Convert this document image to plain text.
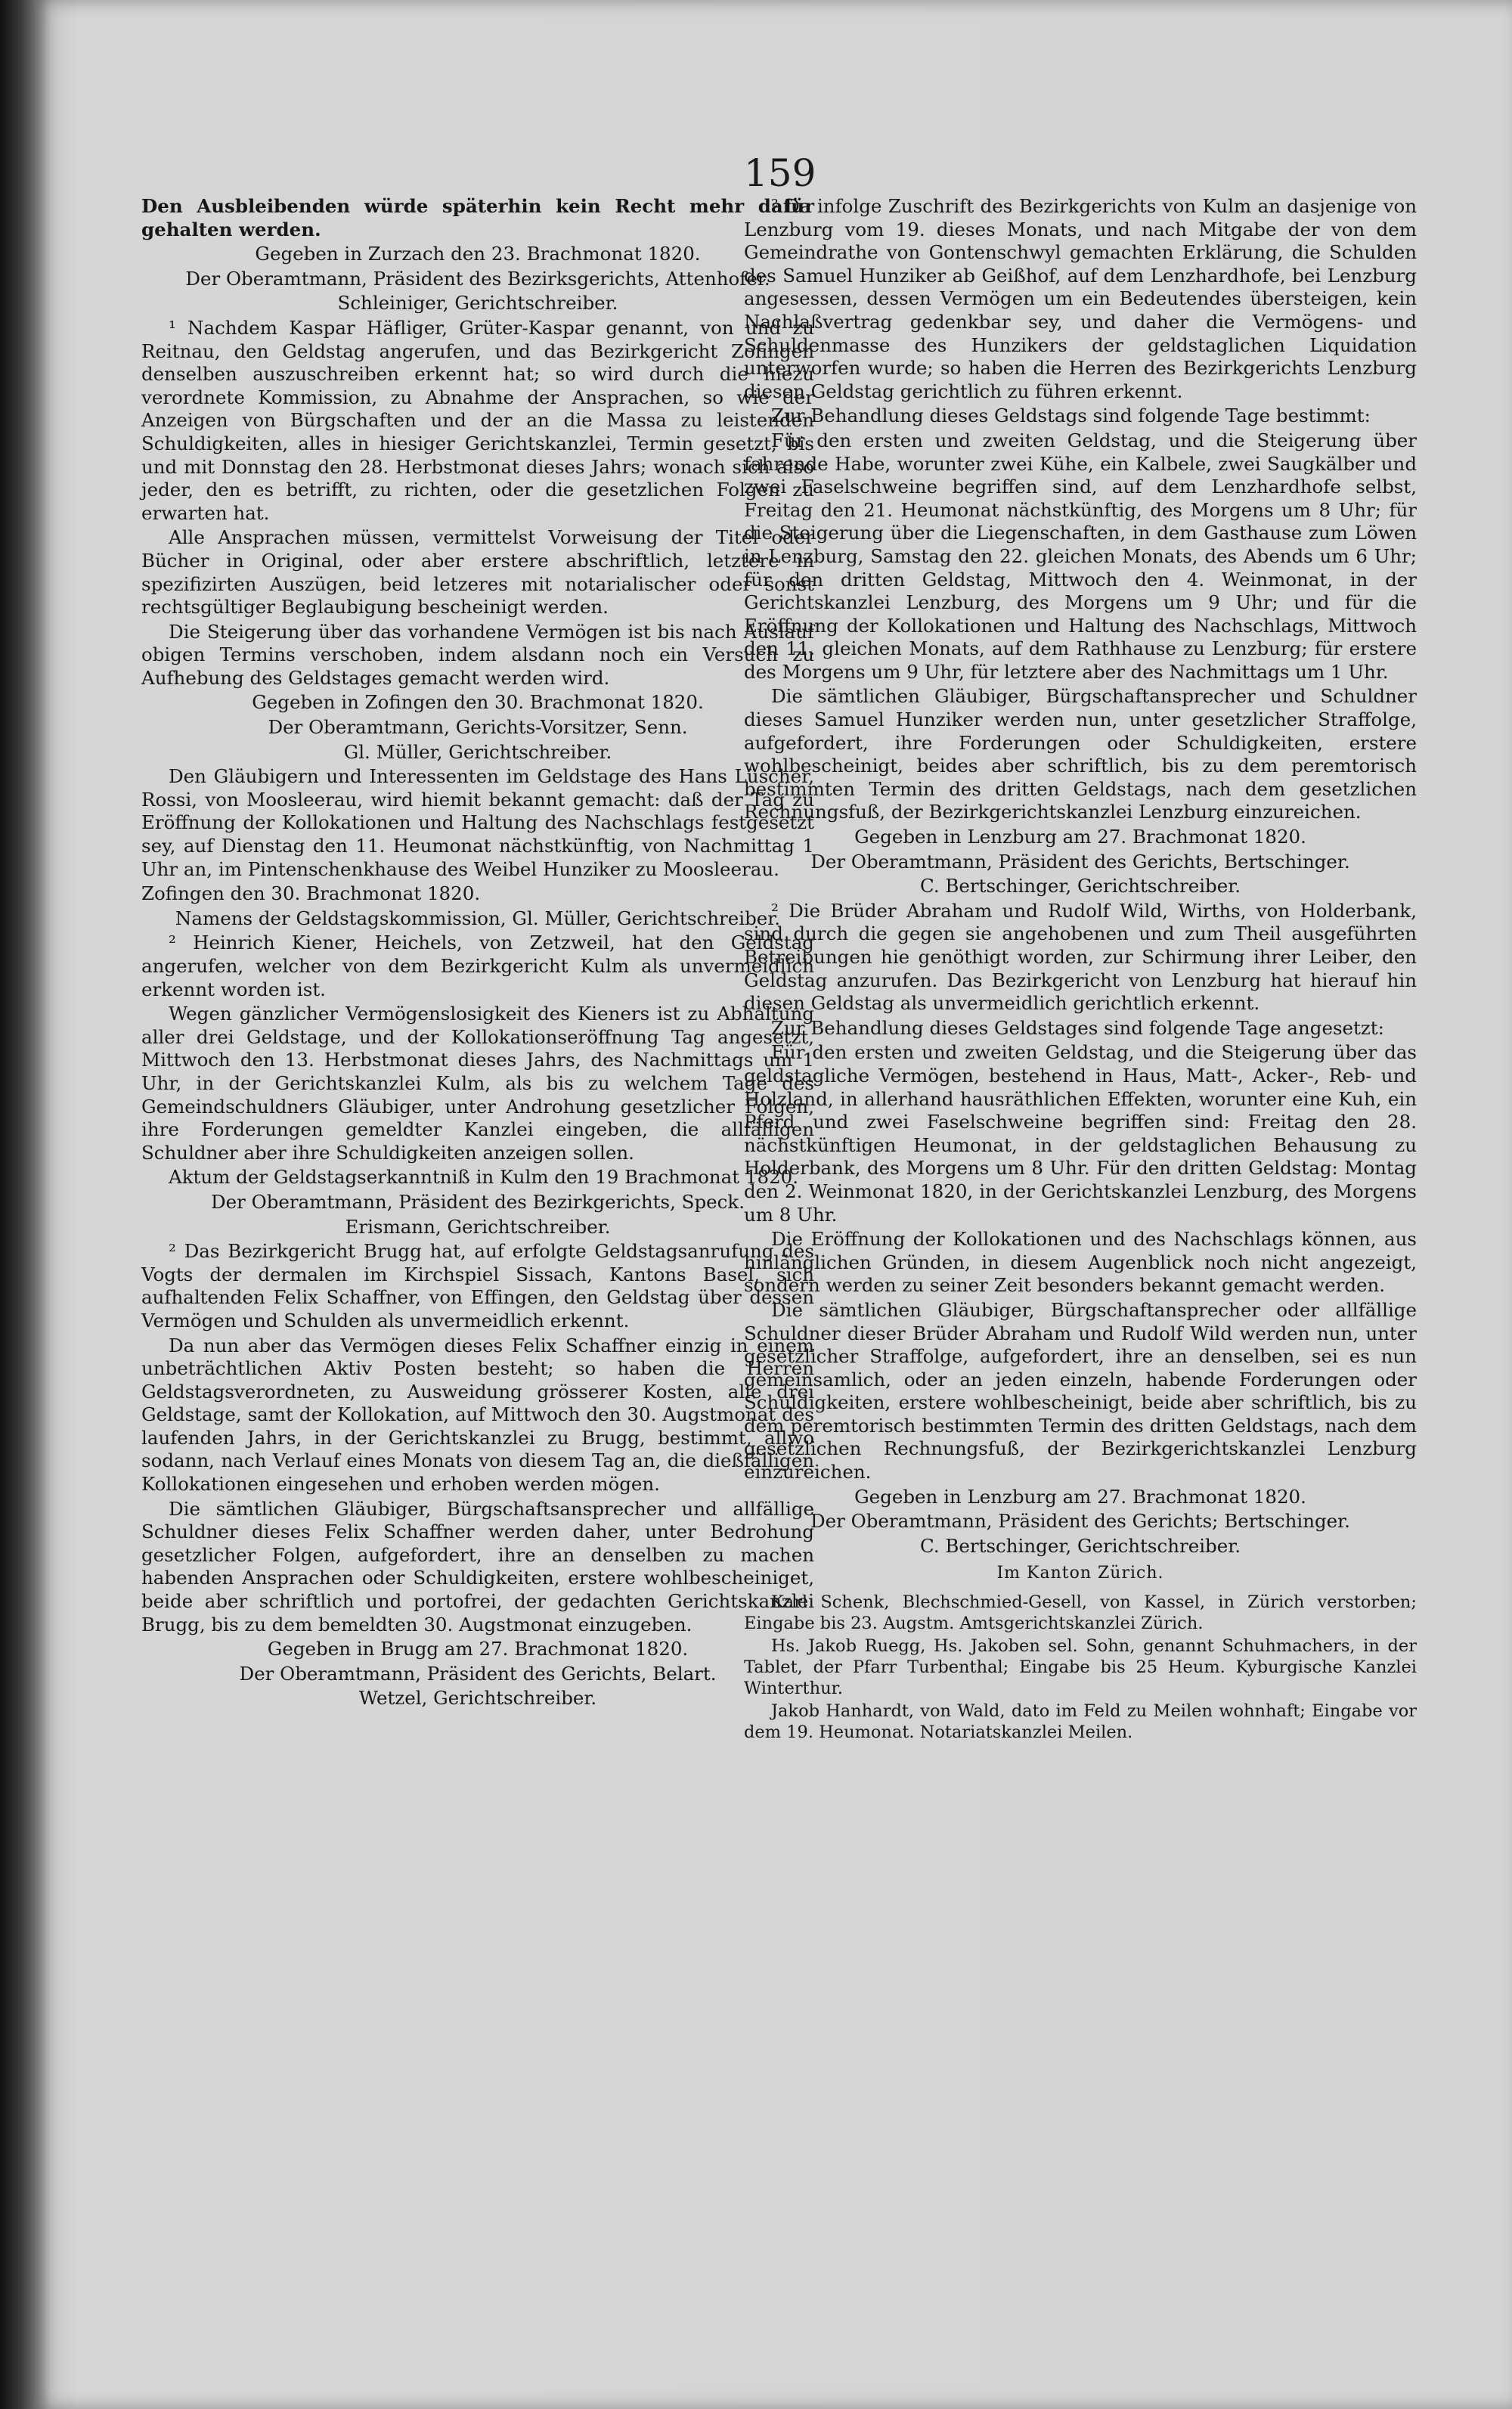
159

Den Ausbleibenden würde späterhin kein Recht mehr dafür gehalten werden.

Gegeben in Zurzach den 23. Brachmonat 1820.

Der Oberamtmann, Präsident des Bezirksgerichts, Attenhofer.

Schleiniger, Gerichtschreiber.

¹ Nachdem Kaspar Häfliger, Grüter-Kaspar genannt, von und zu Reitnau, den Geldstag angerufen, und das Bezirkgericht Zofingen denselben auszuschreiben erkennt hat; so wird durch die hiezu verordnete Kommission, zu Abnahme der Ansprachen, so wie der Anzeigen von Bürgschaften und der an die Massa zu leistenden Schuldigkeiten, alles in hiesiger Gerichtskanzlei, Termin gesetzt, bis und mit Donnstag den 28. Herbstmonat dieses Jahrs; wonach sich also jeder, den es betrifft, zu richten, oder die gesetzlichen Folgen zu erwarten hat.

Alle Ansprachen müssen, vermittelst Vorweisung der Titel oder Bücher in Original, oder aber erstere abschriftlich, letztere in spezifizirten Auszügen, beid letzeres mit notarialischer oder sonst rechtsgültiger Beglaubigung bescheinigt werden.

Die Steigerung über das vorhandene Vermögen ist bis nach Auslauf obigen Termins verschoben, indem alsdann noch ein Versuch zu Aufhebung des Geldstages gemacht werden wird.

Gegeben in Zofingen den 30. Brachmonat 1820.

Der Oberamtmann, Gerichts-Vorsitzer, Senn.

Gl. Müller, Gerichtschreiber.

Den Gläubigern und Interessenten im Geldstage des Hans Lüscher, Rossi, von Moosleerau, wird hiemit bekannt gemacht: daß der Tag zu Eröffnung der Kollokationen und Haltung des Nachschlags festgesetzt sey, auf Dienstag den 11. Heumonat nächstkünftig, von Nachmittag 1 Uhr an, im Pintenschenkhause des Weibel Hunziker zu Moosleerau.

Zofingen den 30. Brachmonat 1820.

Namens der Geldstagskommission, Gl. Müller, Gerichtschreiber.

² Heinrich Kiener, Heichels, von Zetzweil, hat den Geldstag angerufen, welcher von dem Bezirkgericht Kulm als unvermeidlich erkennt worden ist.

Wegen gänzlicher Vermögenslosigkeit des Kieners ist zu Abhaltung aller drei Geldstage, und der Kollokationseröffnung Tag angesetzt, Mittwoch den 13. Herbstmonat dieses Jahrs, des Nachmittags um 1 Uhr, in der Gerichtskanzlei Kulm, als bis zu welchem Tage des Gemeindschuldners Gläubiger, unter Androhung gesetzlicher Folgen, ihre Forderungen gemeldter Kanzlei eingeben, die allfälligen Schuldner aber ihre Schuldigkeiten anzeigen sollen.

Aktum der Geldstagserkanntniß in Kulm den 19 Brachmonat 1820.

Der Oberamtmann, Präsident des Bezirkgerichts, Speck.

Erismann, Gerichtschreiber.

² Das Bezirkgericht Brugg hat, auf erfolgte Geldstagsanrufung des Vogts der dermalen im Kirchspiel Sissach, Kantons Basel, sich aufhaltenden Felix Schaffner, von Effingen, den Geldstag über dessen Vermögen und Schulden als unvermeidlich erkennt.

Da nun aber das Vermögen dieses Felix Schaffner einzig in einem unbeträchtlichen Aktiv Posten besteht; so haben die Herren Geldstagsverordneten, zu Ausweidung grösserer Kosten, alle drei Geldstage, samt der Kollokation, auf Mittwoch den 30. Augstmonat des laufenden Jahrs, in der Gerichtskanzlei zu Brugg, bestimmt, allwo sodann, nach Verlauf eines Monats von diesem Tag an, die dießfälligen Kollokationen eingesehen und erhoben werden mögen.

Die sämtlichen Gläubiger, Bürgschaftsansprecher und allfällige Schuldner dieses Felix Schaffner werden daher, unter Bedrohung gesetzlicher Folgen, aufgefordert, ihre an denselben zu machen habenden Ansprachen oder Schuldigkeiten, erstere wohlbescheiniget, beide aber schriftlich und portofrei, der gedachten Gerichtskanzlei Brugg, bis zu dem bemeldten 30. Augstmonat einzugeben.

Gegeben in Brugg am 27. Brachmonat 1820.

Der Oberamtmann, Präsident des Gerichts, Belart.

Wetzel, Gerichtschreiber.

² Da infolge Zuschrift des Bezirkgerichts von Kulm an dasjenige von Lenzburg vom 19. dieses Monats, und nach Mitgabe der von dem Gemeindrathe von Gontenschwyl gemachten Erklärung, die Schulden des Samuel Hunziker ab Geißhof, auf dem Lenzhardhofe, bei Lenzburg angesessen, dessen Vermögen um ein Bedeutendes übersteigen, kein Nachlaßvertrag gedenkbar sey, und daher die Vermögens- und Schuldenmasse des Hunzikers der geldstaglichen Liquidation unterworfen wurde; so haben die Herren des Bezirkgerichts Lenzburg diesen Geldstag gerichtlich zu führen erkennt.

Zur Behandlung dieses Geldstags sind folgende Tage bestimmt:

Für den ersten und zweiten Geldstag, und die Steigerung über fahrende Habe, worunter zwei Kühe, ein Kalbele, zwei Saugkälber und zwei Faselschweine begriffen sind, auf dem Lenzhardhofe selbst, Freitag den 21. Heumonat nächstkünftig, des Morgens um 8 Uhr; für die Steigerung über die Liegenschaften, in dem Gasthause zum Löwen in Lenzburg, Samstag den 22. gleichen Monats, des Abends um 6 Uhr; für den dritten Geldstag, Mittwoch den 4. Weinmonat, in der Gerichtskanzlei Lenzburg, des Morgens um 9 Uhr; und für die Eröffnung der Kollokationen und Haltung des Nachschlags, Mittwoch den 11. gleichen Monats, auf dem Rathhause zu Lenzburg; für erstere des Morgens um 9 Uhr, für letztere aber des Nachmittags um 1 Uhr.

Die sämtlichen Gläubiger, Bürgschaftansprecher und Schuldner dieses Samuel Hunziker werden nun, unter gesetzlicher Straffolge, aufgefordert, ihre Forderungen oder Schuldigkeiten, erstere wohlbescheinigt, beides aber schriftlich, bis zu dem peremtorisch bestimmten Termin des dritten Geldstags, nach dem gesetzlichen Rechnungsfuß, der Bezirkgerichtskanzlei Lenzburg einzureichen.

Gegeben in Lenzburg am 27. Brachmonat 1820.

Der Oberamtmann, Präsident des Gerichts, Bertschinger.

C. Bertschinger, Gerichtschreiber.

² Die Brüder Abraham und Rudolf Wild, Wirths, von Holderbank, sind durch die gegen sie angehobenen und zum Theil ausgeführten Betreibungen hie genöthigt worden, zur Schirmung ihrer Leiber, den Geldstag anzurufen. Das Bezirkgericht von Lenzburg hat hierauf hin diesen Geldstag als unvermeidlich gerichtlich erkennt.

Zur Behandlung dieses Geldstages sind folgende Tage angesetzt:

Für den ersten und zweiten Geldstag, und die Steigerung über das geldstagliche Vermögen, bestehend in Haus, Matt-, Acker-, Reb- und Holzland, in allerhand hausräthlichen Effekten, worunter eine Kuh, ein Pferd und zwei Faselschweine begriffen sind: Freitag den 28. nächstkünftigen Heumonat, in der geldstaglichen Behausung zu Holderbank, des Morgens um 8 Uhr. Für den dritten Geldstag: Montag den 2. Weinmonat 1820, in der Gerichtskanzlei Lenzburg, des Morgens um 8 Uhr.

Die Eröffnung der Kollokationen und des Nachschlags können, aus hinlänglichen Gründen, in diesem Augenblick noch nicht angezeigt, sondern werden zu seiner Zeit besonders bekannt gemacht werden.

Die sämtlichen Gläubiger, Bürgschaftansprecher oder allfällige Schuldner dieser Brüder Abraham und Rudolf Wild werden nun, unter gesetzlicher Straffolge, aufgefordert, ihre an denselben, sei es nun gemeinsamlich, oder an jeden einzeln, habende Forderungen oder Schuldigkeiten, erstere wohlbescheinigt, beide aber schriftlich, bis zu dem peremtorisch bestimmten Termin des dritten Geldstags, nach dem gesetzlichen Rechnungsfuß, der Bezirkgerichtskanzlei Lenzburg einzureichen.

Gegeben in Lenzburg am 27. Brachmonat 1820.

Der Oberamtmann, Präsident des Gerichts; Bertschinger.

C. Bertschinger, Gerichtschreiber.

Im Kanton Zürich.

Karl Schenk, Blechschmied-Gesell, von Kassel, in Zürich verstorben; Eingabe bis 23. Augstm. Amtsgerichtskanzlei Zürich.

Hs. Jakob Ruegg, Hs. Jakoben sel. Sohn, genannt Schuhmachers, in der Tablet, der Pfarr Turbenthal; Eingabe bis 25 Heum. Kyburgische Kanzlei Winterthur.

Jakob Hanhardt, von Wald, dato im Feld zu Meilen wohnhaft; Eingabe vor dem 19. Heumonat. Notariatskanzlei Meilen.
